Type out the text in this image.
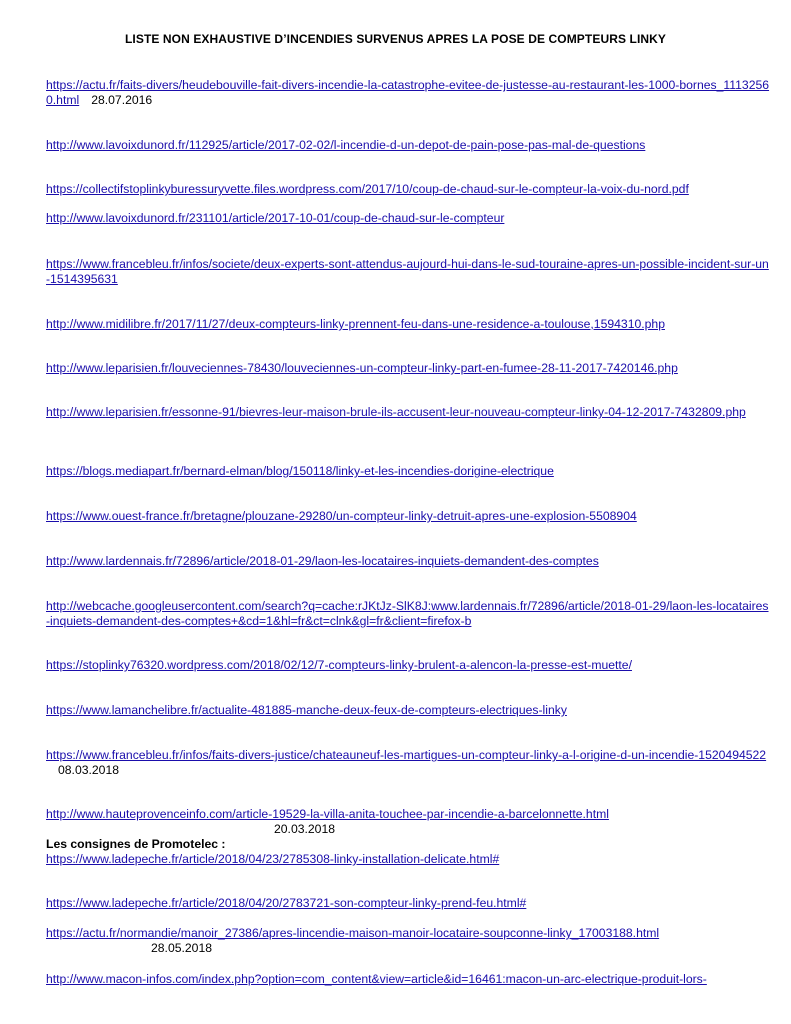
LISTE NON EXHAUSTIVE D’INCENDIES SURVENUS APRES LA POSE DE COMPTEURS LINKY
https://actu.fr/faits-divers/heudebouville-fait-divers-incendie-la-catastrophe-evitee-de-justesse-au-restaurant-les-1000-bornes_11132560.html 28.07.2016
http://www.lavoixdunord.fr/112925/article/2017-02-02/l-incendie-d-un-depot-de-pain-pose-pas-mal-de-questions
https://collectifstoplinkyburessuryvette.files.wordpress.com/2017/10/coup-de-chaud-sur-le-compteur-la-voix-du-nord.pdf
http://www.lavoixdunord.fr/231101/article/2017-10-01/coup-de-chaud-sur-le-compteur
https://www.francebleu.fr/infos/societe/deux-experts-sont-attendus-aujourd-hui-dans-le-sud-touraine-apres-un-possible-incident-sur-un-1514395631
http://www.midilibre.fr/2017/11/27/deux-compteurs-linky-prennent-feu-dans-une-residence-a-toulouse,1594310.php
http://www.leparisien.fr/louveciennes-78430/louveciennes-un-compteur-linky-part-en-fumee-28-11-2017-7420146.php
http://www.leparisien.fr/essonne-91/bievres-leur-maison-brule-ils-accusent-leur-nouveau-compteur-linky-04-12-2017-7432809.php
https://blogs.mediapart.fr/bernard-elman/blog/150118/linky-et-les-incendies-dorigine-electrique
https://www.ouest-france.fr/bretagne/plouzane-29280/un-compteur-linky-detruit-apres-une-explosion-5508904
http://www.lardennais.fr/72896/article/2018-01-29/laon-les-locataires-inquiets-demandent-des-comptes
http://webcache.googleusercontent.com/search?q=cache:rJKtJz-SlK8J:www.lardennais.fr/72896/article/2018-01-29/laon-les-locataires-inquiets-demandent-des-comptes+&cd=1&hl=fr&ct=clnk&gl=fr&client=firefox-b
https://stoplinky76320.wordpress.com/2018/02/12/7-compteurs-linky-brulent-a-alencon-la-presse-est-muette/
https://www.lamanchelibre.fr/actualite-481885-manche-deux-feux-de-compteurs-electriques-linky
https://www.francebleu.fr/infos/faits-divers-justice/chateauneuf-les-martigues-un-compteur-linky-a-l-origine-d-un-incendie-152049452208.03.2018
http://www.hauteprovenceinfo.com/article-19529-la-villa-anita-touchee-par-incendie-a-barcelonnette.html
20.03.2018
Les consignes de Promotelec :
https://www.ladepeche.fr/article/2018/04/23/2785308-linky-installation-delicate.html#
https://www.ladepeche.fr/article/2018/04/20/2783721-son-compteur-linky-prend-feu.html#
https://actu.fr/normandie/manoir_27386/apres-lincendie-maison-manoir-locataire-soupconne-linky_17003188.html
28.05.2018
http://www.macon-infos.com/index.php?option=com_content&view=article&id=16461:macon-un-arc-electrique-produit-lors-
